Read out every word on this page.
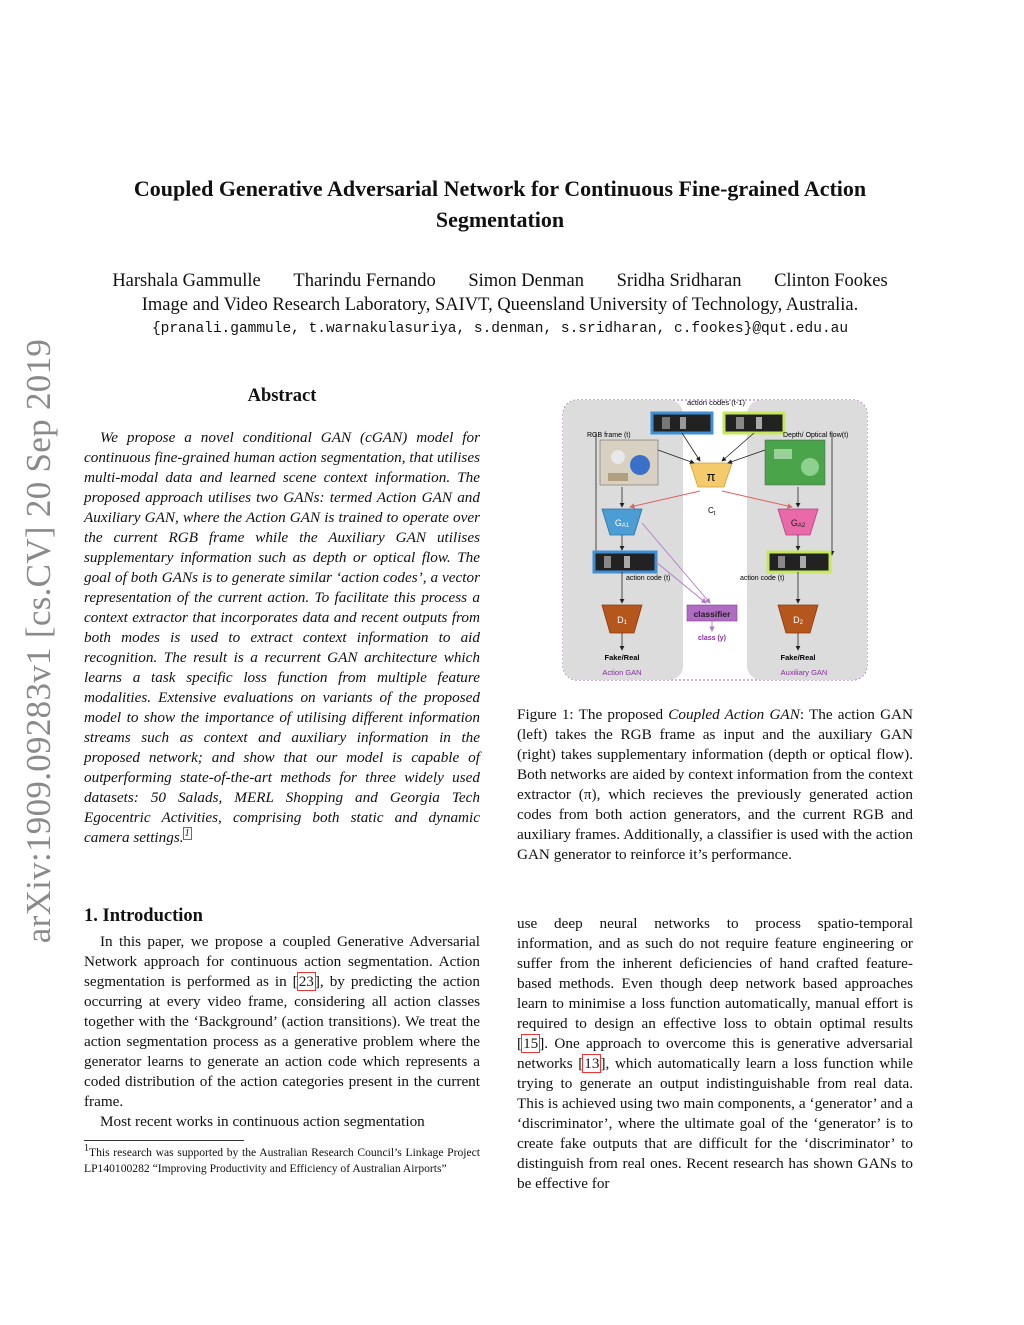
Coupled Generative Adversarial Network for Continuous Fine-grained Action
Segmentation
Harshala Gammulle Tharindu Fernando Simon Denman Sridha Sridharan Clinton Fookes
Image and Video Research Laboratory, SAIVT, Queensland University of Technology, Australia.
{pranali.gammule, t.warnakulasuriya, s.denman, s.sridharan, c.fookes}@qut.edu.au
arXiv:1909.09283v1 [cs.CV] 20 Sep 2019	Abstract

We propose a novel conditional GAN (cGAN) model for continuous fine-grained human action segmentation, that utilises multi-modal data and learned scene context information. The proposed approach utilises two GANs: termed Action GAN and Auxiliary GAN, where the Action GAN is trained to operate over the current RGB frame while the Auxiliary GAN utilises supplementary information such as depth or optical flow. The goal of both GANs is to generate similar ‘action codes’, a vector representation of the current action. To facilitate this process a context extractor that incorporates data and recent outputs from both modes is used to extract context information to aid recognition. The result is a recurrent GAN architecture which learns a task specific loss function from multiple feature modalities. Extensive evaluations on variants of the proposed model to show the importance of utilising different information streams such as context and auxiliary information in the proposed network; and show that our model is capable of outperforming state-of-the-art methods for three widely used datasets: 50 Salads, MERL Shopping and Georgia Tech Egocentric Activities, comprising both static and dynamic camera settings.$^1$

1. Introduction

In this paper, we propose a coupled Generative Adversarial Network approach for continuous action segmentation. Action segmentation is performed as in [23], by predicting the action occurring at every video frame, considering all action classes together with the ‘Background’ (action transitions). We treat the action segmentation process as a generative problem where the generator learns to generate an action code which represents a coded distribution of the action categories present in the current frame.

Most recent works in continuous action segmentation

1This research was supported by the Australian Research Council’s Linkage Project LP140100282 “Improving Productivity and Efficiency of Australian Airports”

action codes (t-1)
RGB frame (t)	Depth/ Optical flow(t)
π
$C_t$
GA1	GA2
action code (t)	action code (t)
classifier
class (y)
D1	D2
Fake/Real	Fake/Real
Action GAN	Auxiliary GAN

Figure 1: The proposed Coupled Action GAN: The action GAN (left) takes the RGB frame as input and the auxiliary GAN (right) takes supplementary information (depth or optical flow). Both networks are aided by context information from the context extractor (π), which recieves the previously generated action codes from both action generators, and the current RGB and auxiliary frames. Additionally, a classifier is used with the action GAN generator to reinforce it’s performance.

use deep neural networks to process spatio-temporal information, and as such do not require feature engineering or suffer from the inherent deficiencies of hand crafted feature-based methods. Even though deep network based approaches learn to minimise a loss function automatically, manual effort is required to design an effective loss to obtain optimal results [15]. One approach to overcome this is generative adversarial networks [13], which automatically learn a loss function while trying to generate an output indistinguishable from real data. This is achieved using two main components, a ‘generator’ and a ‘discriminator’, where the ultimate goal of the ‘generator’ is to create fake outputs that are difficult for the ‘discriminator’ to distinguish from real ones. Recent research has shown GANs to be effective for
